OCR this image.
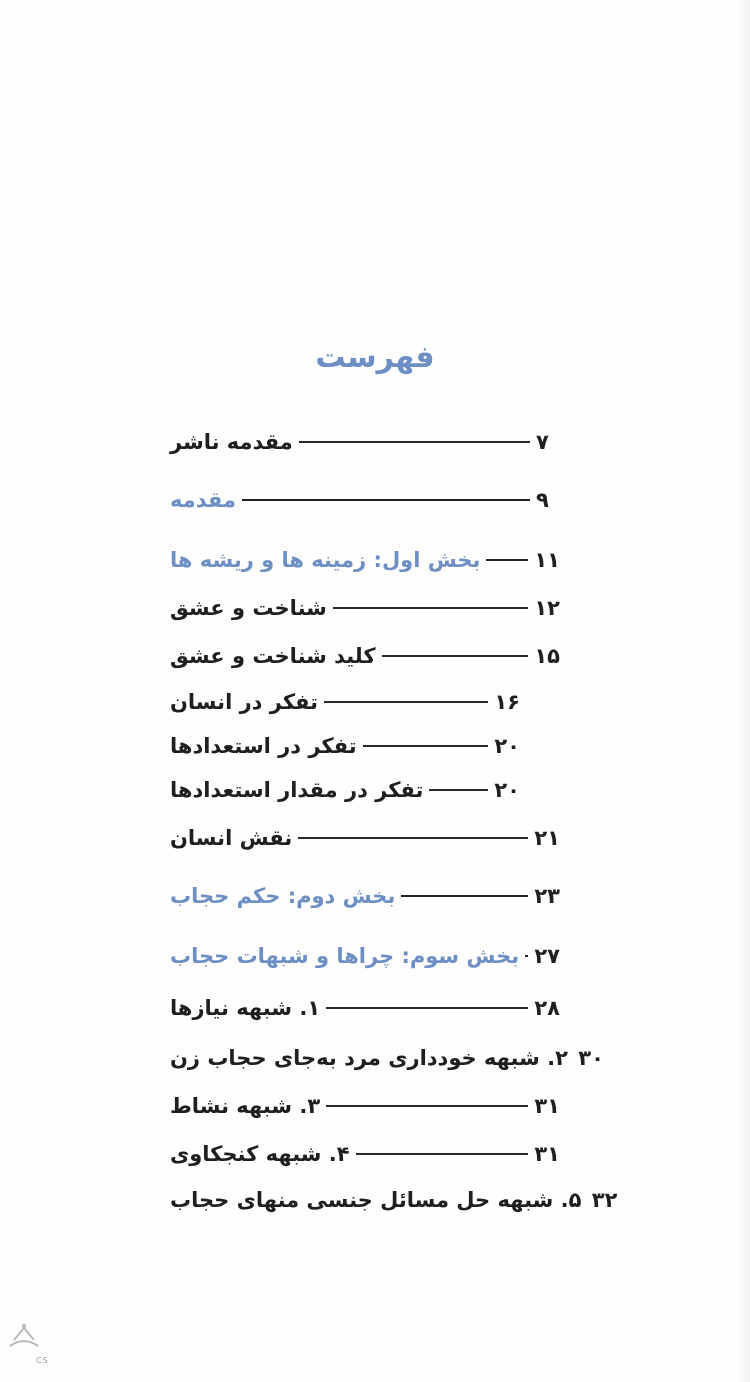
فهرست
مقدمه ناشر	۷
مقدمه	۹
بخش اول: زمینه ها و ریشه ها	۱۱
شناخت و عشق	۱۲
کلید شناخت و عشق	۱۵
تفکر در انسان	۱۶
تفکر در استعدادها	۲۰
تفکر در مقدار استعدادها	۲۰
نقش انسان	۲۱
بخش دوم: حکم حجاب	۲۳
بخش سوم: چراها و شبهات حجاب ۲۷
۱. شبهه نیازها	۲۸
۲. شبهه خودداری مرد به‌جای حجاب زن ۳۰
۳. شبهه نشاط	۳۱
۴. شبهه کنجکاوی	۳۱
۵. شبهه حل مسائل جنسی منهای حجاب ۳۲
CS
